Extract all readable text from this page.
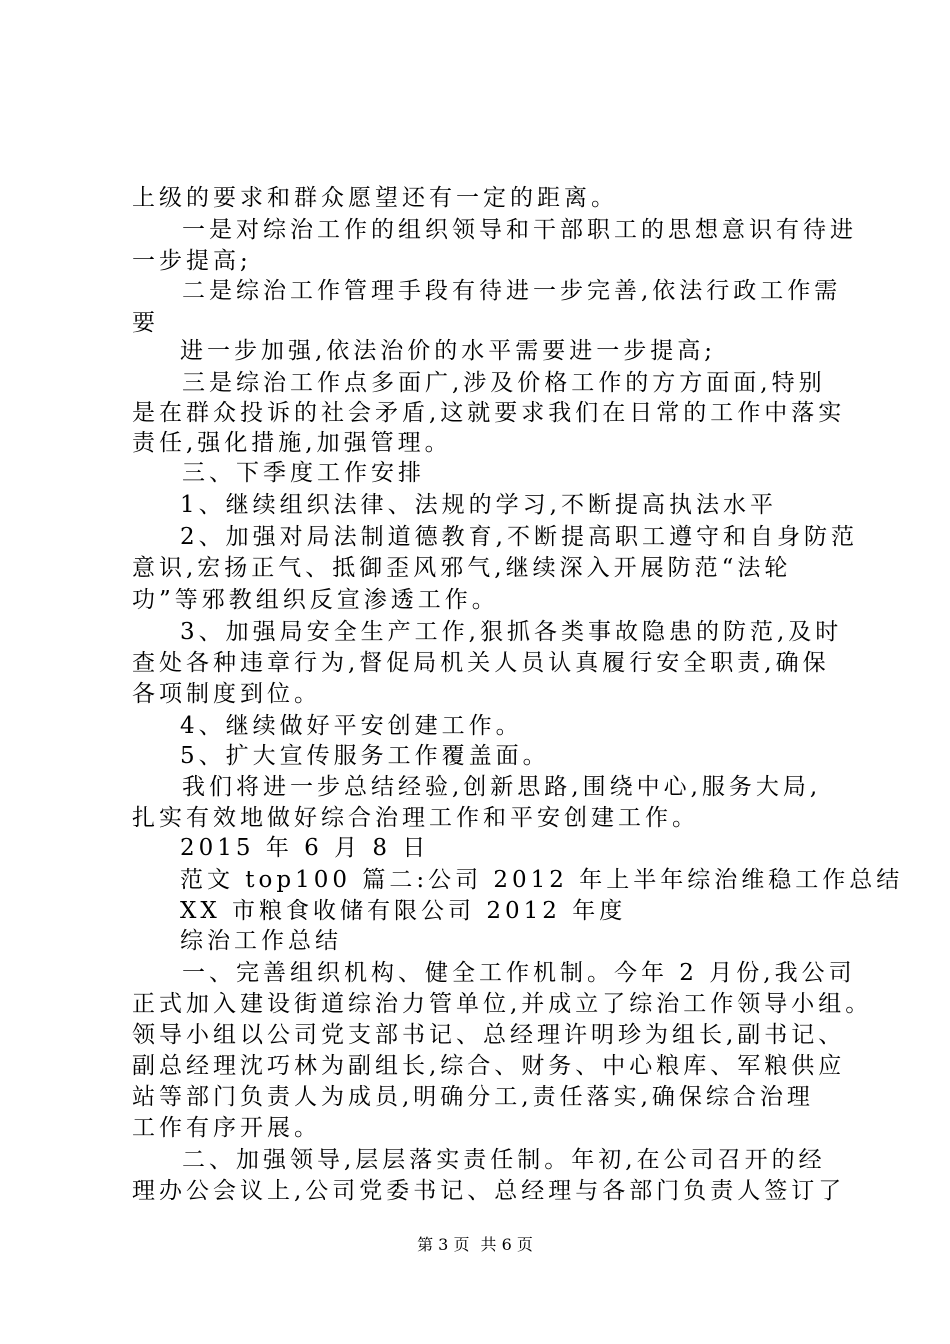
上级的要求和群众愿望还有一定的距离。
一是对综治工作的组织领导和干部职工的思想意识有待进
一步提高;
二是综治工作管理手段有待进一步完善,依法行政工作需
要
进一步加强,依法治价的水平需要进一步提高;
三是综治工作点多面广,涉及价格工作的方方面面,特别
是在群众投诉的社会矛盾,这就要求我们在日常的工作中落实
责任,强化措施,加强管理。
三、下季度工作安排
1、继续组织法律、法规的学习,不断提高执法水平
2、加强对局法制道德教育,不断提高职工遵守和自身防范
意识,宏扬正气、抵御歪风邪气,继续深入开展防范“法轮
功”等邪教组织反宣渗透工作。
3、加强局安全生产工作,狠抓各类事故隐患的防范,及时
查处各种违章行为,督促局机关人员认真履行安全职责,确保
各项制度到位。
4、继续做好平安创建工作。
5、扩大宣传服务工作覆盖面。
我们将进一步总结经验,创新思路,围绕中心,服务大局,
扎实有效地做好综合治理工作和平安创建工作。
2015 年 6 月 8 日
范文 top100 篇二:公司 2012 年上半年综治维稳工作总结
XX 市粮食收储有限公司 2012 年度
综治工作总结
一、完善组织机构、健全工作机制。今年 2 月份,我公司
正式加入建设街道综治力管单位,并成立了综治工作领导小组。
领导小组以公司党支部书记、总经理许明珍为组长,副书记、
副总经理沈巧林为副组长,综合、财务、中心粮库、军粮供应
站等部门负责人为成员,明确分工,责任落实,确保综合治理
工作有序开展。
二、加强领导,层层落实责任制。年初,在公司召开的经
理办公会议上,公司党委书记、总经理与各部门负责人签订了
第 3 页 共 6 页
